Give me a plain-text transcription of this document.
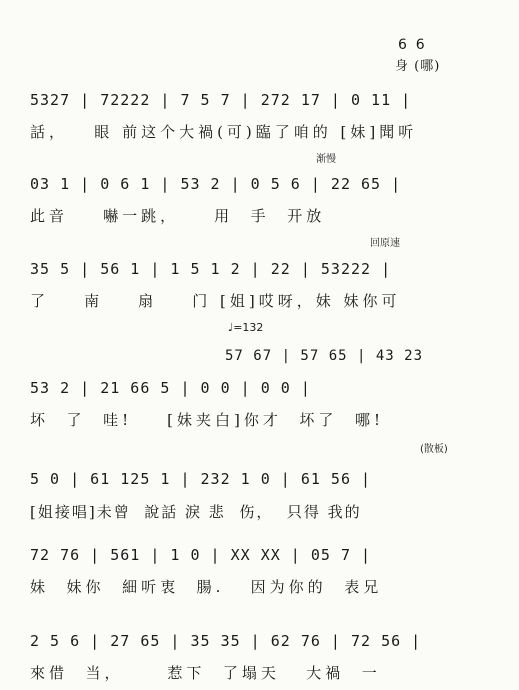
6  6
身 (哪)
5327 | 72222 | 7 5 7 | 272 17 | 0 11 |
話，   眼 前这个大禍(可)臨了咱的 [妹]聞听
渐慢
03 1 | 0 6 1 | 53 2 | 0 5 6 | 22 65 |
此音    嚇一跳，    用  手  开放
回原速
35 5 | 56 1 | 1 5 1 2 | 22 | 53222 |
了    南    扇    门 [姐]哎呀，妹 妹你可
♩=132
57 67 | 57 65 | 43 23
53 2 | 21 66 5 | 0 0 | 0 0 |
坏  了  哇!    [妹夹白]你才  坏了  哪!
(散板)
5 0 | 61 125 1 | 232 1 0 | 61 56 |
[姐接唱]未曾  說話 淚 悲  伤，  只得 我的
72 76 | 561 | 1 0 | XX XX | 05 7 |
妹  妹你  細听衷  腸.   因为你的  表兄
2 5 6 | 27 65 | 35 35 | 62 76 | 72 56 |
來借  当，     惹下  了塌天   大禍  一
